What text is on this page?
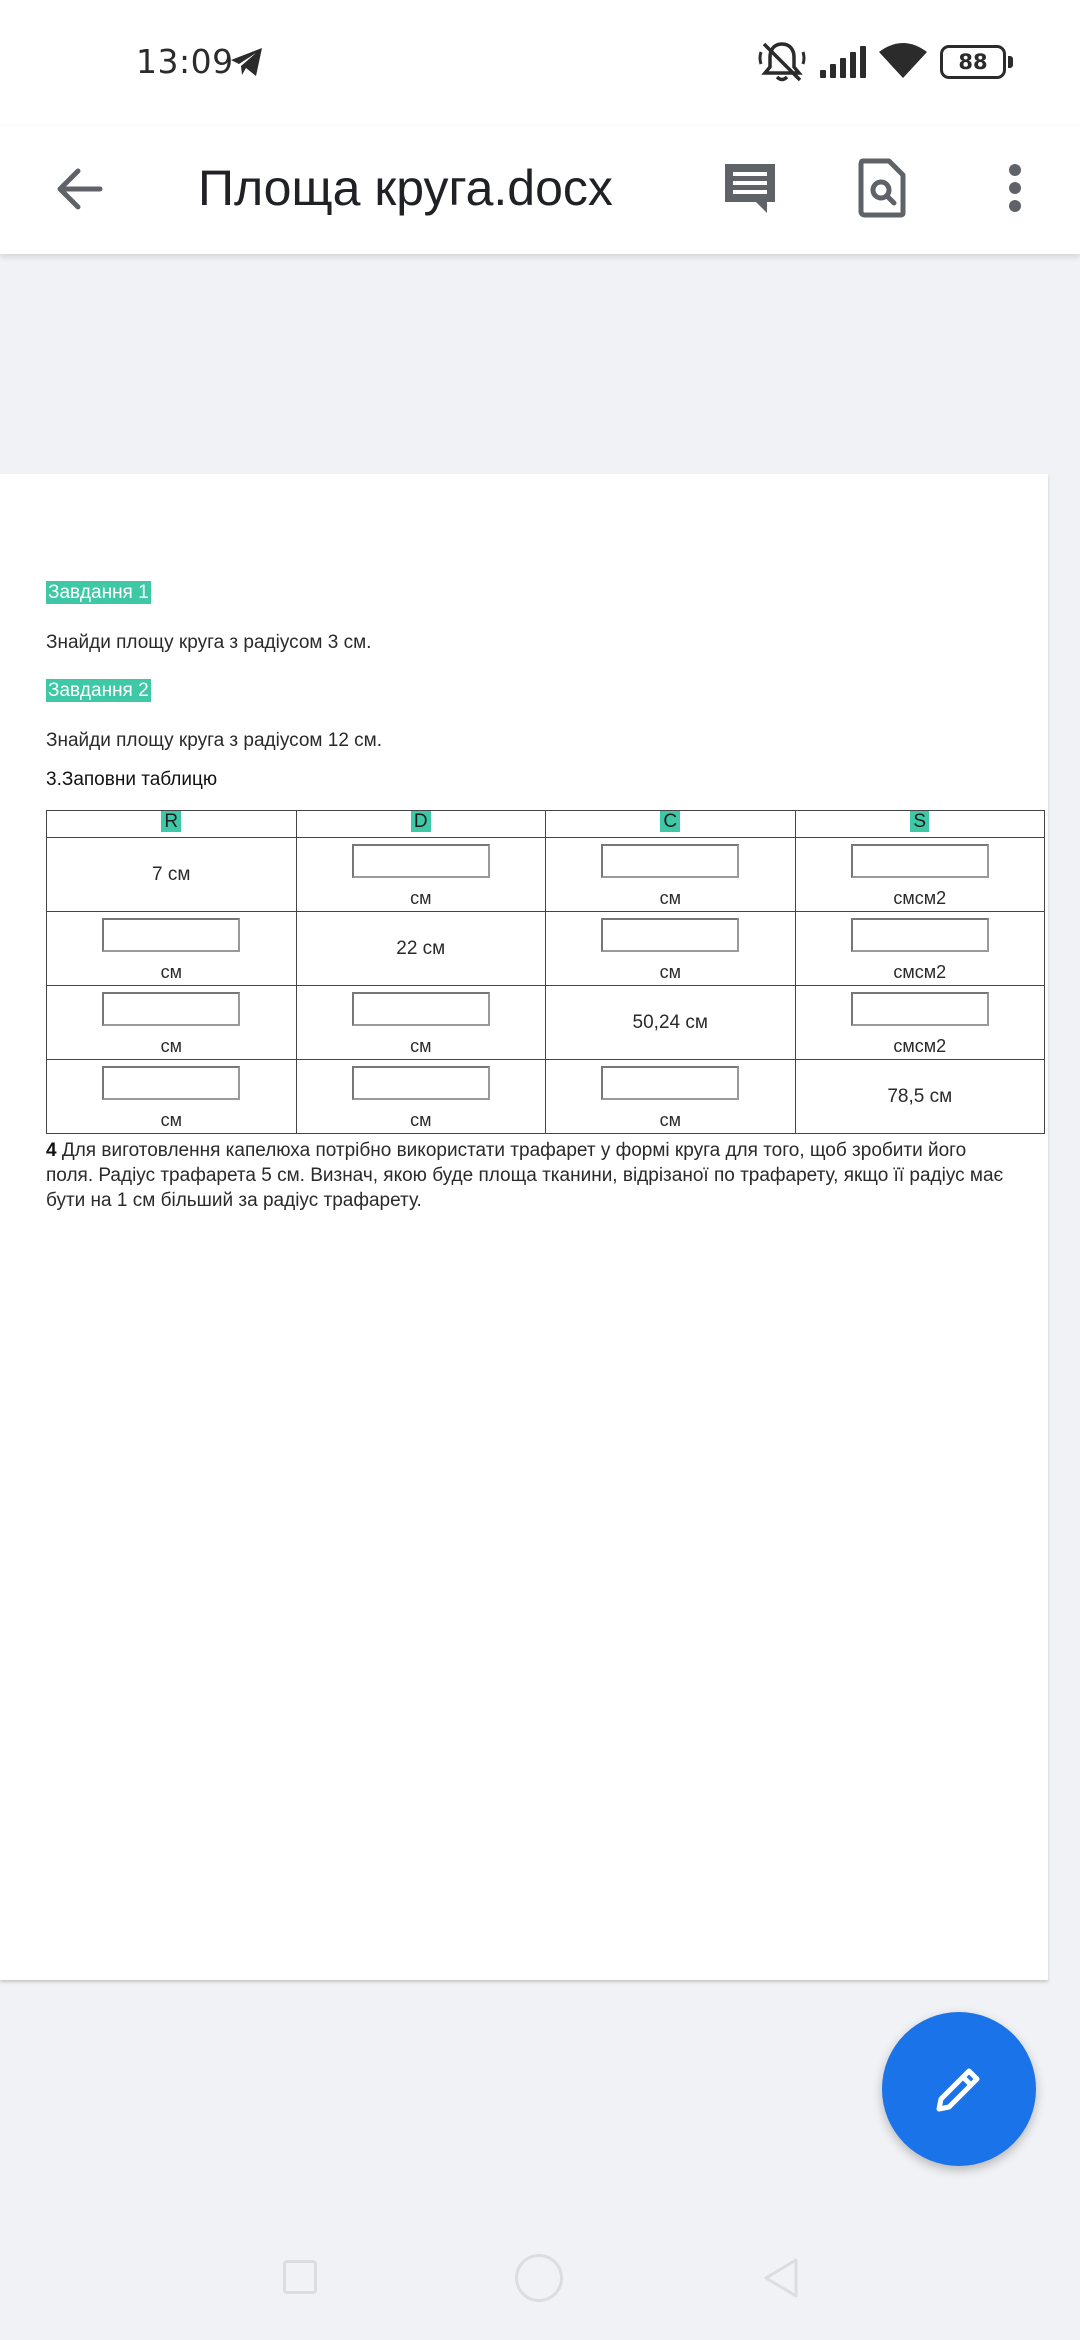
13:09	88
Площа круга.docx
Завдання 1
Знайди площу круга з радіусом 3 см.
Завдання 2
Знайди площу круга з радіусом 12 см.
3.Заповни таблицю
R	D	C	S

7 см	см	см	смсм2

см	22 см	см	смсм2

см	см	50,24 см	смсм2

см	см	см	78,5 см

4 Для виготовлення капелюха потрібно використати трафарет у формі круга для того, щоб зробити його поля. Радіус трафарета 5 см. Визнач, якою буде площа тканини, відрізаної по трафарету, якщо її радіус має бути на 1 см більший за радіус трафарету.
